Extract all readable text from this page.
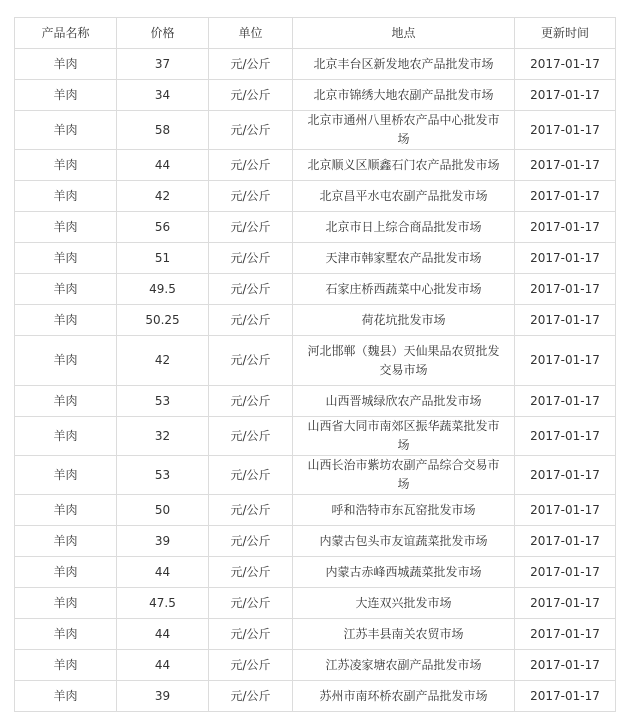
产品名称	价格	单位	地点	更新时间
羊肉	37	元/公斤	北京丰台区新发地农产品批发市场	2017-01-17
羊肉	34	元/公斤	北京市锦绣大地农副产品批发市场	2017-01-17
羊肉	58	元/公斤	北京市通州八里桥农产品中心批发市场	2017-01-17
羊肉	44	元/公斤	北京顺义区顺鑫石门农产品批发市场	2017-01-17
羊肉	42	元/公斤	北京昌平水屯农副产品批发市场	2017-01-17
羊肉	56	元/公斤	北京市日上综合商品批发市场	2017-01-17
羊肉	51	元/公斤	天津市韩家墅农产品批发市场	2017-01-17
羊肉	49.5	元/公斤	石家庄桥西蔬菜中心批发市场	2017-01-17
羊肉	50.25	元/公斤	荷花坑批发市场	2017-01-17
羊肉	42	元/公斤	河北邯郸（魏县）天仙果品农贸批发交易市场	2017-01-17
羊肉	53	元/公斤	山西晋城绿欣农产品批发市场	2017-01-17
羊肉	32	元/公斤	山西省大同市南郊区振华蔬菜批发市场	2017-01-17
羊肉	53	元/公斤	山西长治市紫坊农副产品综合交易市场	2017-01-17
羊肉	50	元/公斤	呼和浩特市东瓦窑批发市场	2017-01-17
羊肉	39	元/公斤	内蒙古包头市友谊蔬菜批发市场	2017-01-17
羊肉	44	元/公斤	内蒙古赤峰西城蔬菜批发市场	2017-01-17
羊肉	47.5	元/公斤	大连双兴批发市场	2017-01-17
羊肉	44	元/公斤	江苏丰县南关农贸市场	2017-01-17
羊肉	44	元/公斤	江苏凌家塘农副产品批发市场	2017-01-17
羊肉	39	元/公斤	苏州市南环桥农副产品批发市场	2017-01-17
